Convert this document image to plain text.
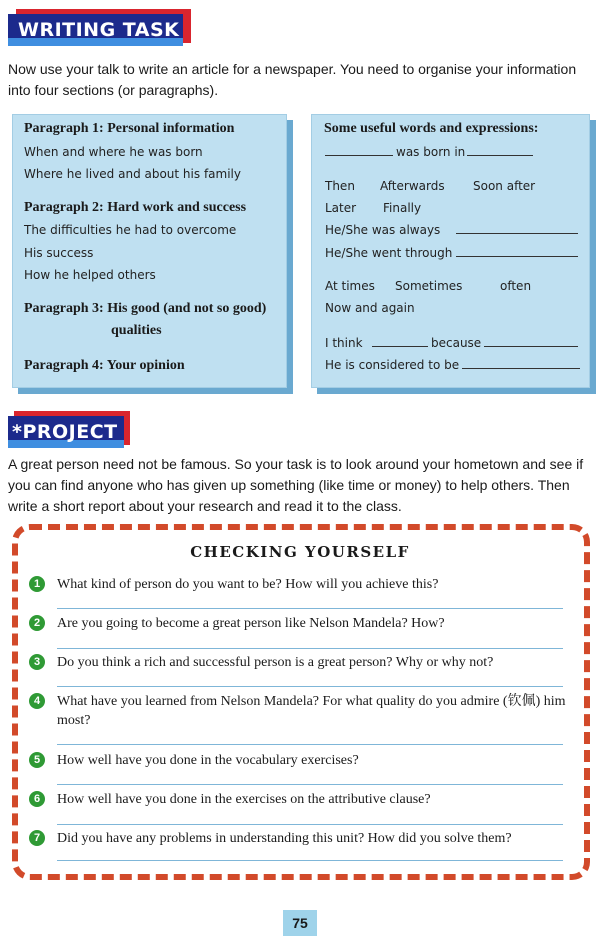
WRITING TASK

Now use your talk to write an article for a newspaper. You need to organise your information into four sections (or paragraphs).

Paragraph 1: Personal information
When and where he was born
Where he lived and about his family
Paragraph 2: Hard work and success
The difficulties he had to overcome
His success
How he helped others
Paragraph 3: His good (and not so good)
qualities
Paragraph 4: Your opinion
Some useful words and expressions:
was born in
Then Afterwards Soon after
Later Finally
He/She was always
He/She went through
At times Sometimes	often
Now and again
I think	because
He is considered to be
*PROJECT

A great person need not be famous. So your task is to look around your hometown and see if you can find anyone who has given up something (like time or money) to help others. Then write a short report about your research and read it to the class.

CHECKING YOURSELF
1	What kind of person do you want to be? How will you achieve this?
2	Are you going to become a great person like Nelson Mandela? How?
3	Do you think a rich and successful person is a great person? Why or why not?
4	What have you learned from Nelson Mandela? For what quality do you admire (钦佩) him most?
5	How well have you done in the vocabulary exercises?
6	How well have you done in the exercises on the attributive clause?
7	Did you have any problems in understanding this unit? How did you solve them?
75
